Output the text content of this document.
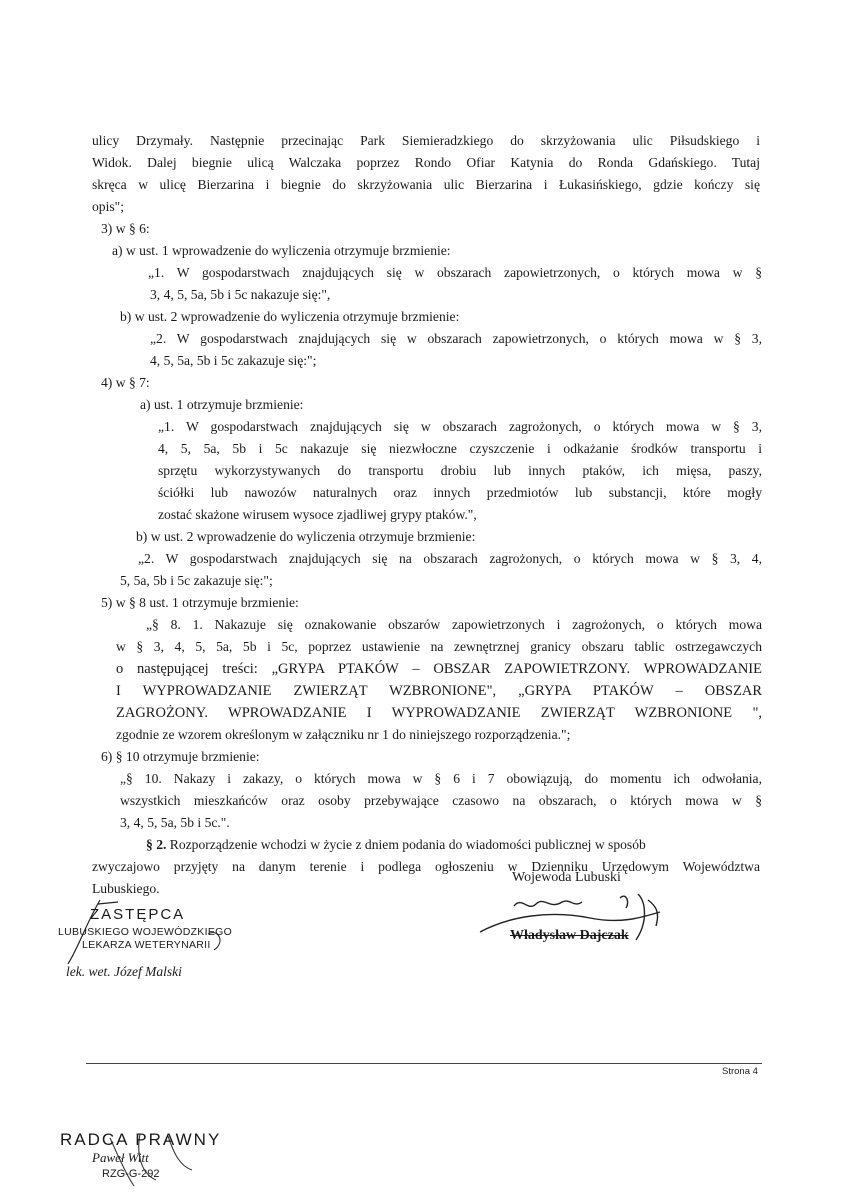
ulicy Drzymały. Następnie przecinając Park Siemieradzkiego do skrzyżowania ulic Piłsudskiego i
Widok. Dalej biegnie ulicą Walczaka poprzez Rondo Ofiar Katynia do Ronda Gdańskiego. Tutaj
skręca w ulicę Bierzarina i biegnie do skrzyżowania ulic Bierzarina i Łukasińskiego, gdzie kończy się
opis";
3) w § 6:
a) w ust. 1 wprowadzenie do wyliczenia otrzymuje brzmienie:
„1. W gospodarstwach znajdujących się w obszarach zapowietrzonych, o których mowa w §
3, 4, 5, 5a, 5b i 5c nakazuje się:",
b) w ust. 2 wprowadzenie do wyliczenia otrzymuje brzmienie:
„2. W gospodarstwach znajdujących się w obszarach zapowietrzonych, o których mowa w § 3,
4, 5, 5a, 5b i 5c zakazuje się:";
4) w § 7:
a) ust. 1 otrzymuje brzmienie:
„1. W gospodarstwach znajdujących się w obszarach zagrożonych, o których mowa w § 3,
4, 5, 5a, 5b i 5c nakazuje się niezwłoczne czyszczenie i odkażanie środków transportu i
sprzętu wykorzystywanych do transportu drobiu lub innych ptaków, ich mięsa, paszy,
ściółki lub nawozów naturalnych oraz innych przedmiotów lub substancji, które mogły
zostać skażone wirusem wysoce zjadliwej grypy ptaków.",
b) w ust. 2 wprowadzenie do wyliczenia otrzymuje brzmienie:
„2. W gospodarstwach znajdujących się na obszarach zagrożonych, o których mowa w § 3, 4,
5, 5a, 5b i 5c zakazuje się:";
5) w § 8 ust. 1 otrzymuje brzmienie:
„§ 8. 1. Nakazuje się oznakowanie obszarów zapowietrzonych i zagrożonych, o których mowa
w § 3, 4, 5, 5a, 5b i 5c, poprzez ustawienie na zewnętrznej granicy obszaru tablic ostrzegawczych
o następującej treści: „GRYPA PTAKÓW – OBSZAR ZAPOWIETRZONY. WPROWADZANIE
I WYPROWADZANIE ZWIERZĄT WZBRONIONE", „GRYPA PTAKÓW – OBSZAR
ZAGROŻONY. WPROWADZANIE I WYPROWADZANIE ZWIERZĄT WZBRONIONE ",
zgodnie ze wzorem określonym w załączniku nr 1 do niniejszego rozporządzenia.";
6) § 10 otrzymuje brzmienie:
„§ 10. Nakazy i zakazy, o których mowa w § 6 i 7 obowiązują, do momentu ich odwołania,
wszystkich mieszkańców oraz osoby przebywające czasowo na obszarach, o których mowa w §
3, 4, 5, 5a, 5b i 5c.".
§ 2. Rozporządzenie wchodzi w życie z dniem podania do wiadomości publicznej w sposób
zwyczajowo przyjęty na danym terenie i podlega ogłoszeniu w Dzienniku Urzędowym Województwa
Lubuskiego.
ZASTĘPCA
LUBUSKIEGO WOJEWÓDZKIEGO
LEKARZA WETERYNARII
lek. wet. Józef Malski
Wojewoda Lubuski
Władysław Dajczak
Strona 4
RADCA PRAWNY
Paweł Witt
RZG-G-292
